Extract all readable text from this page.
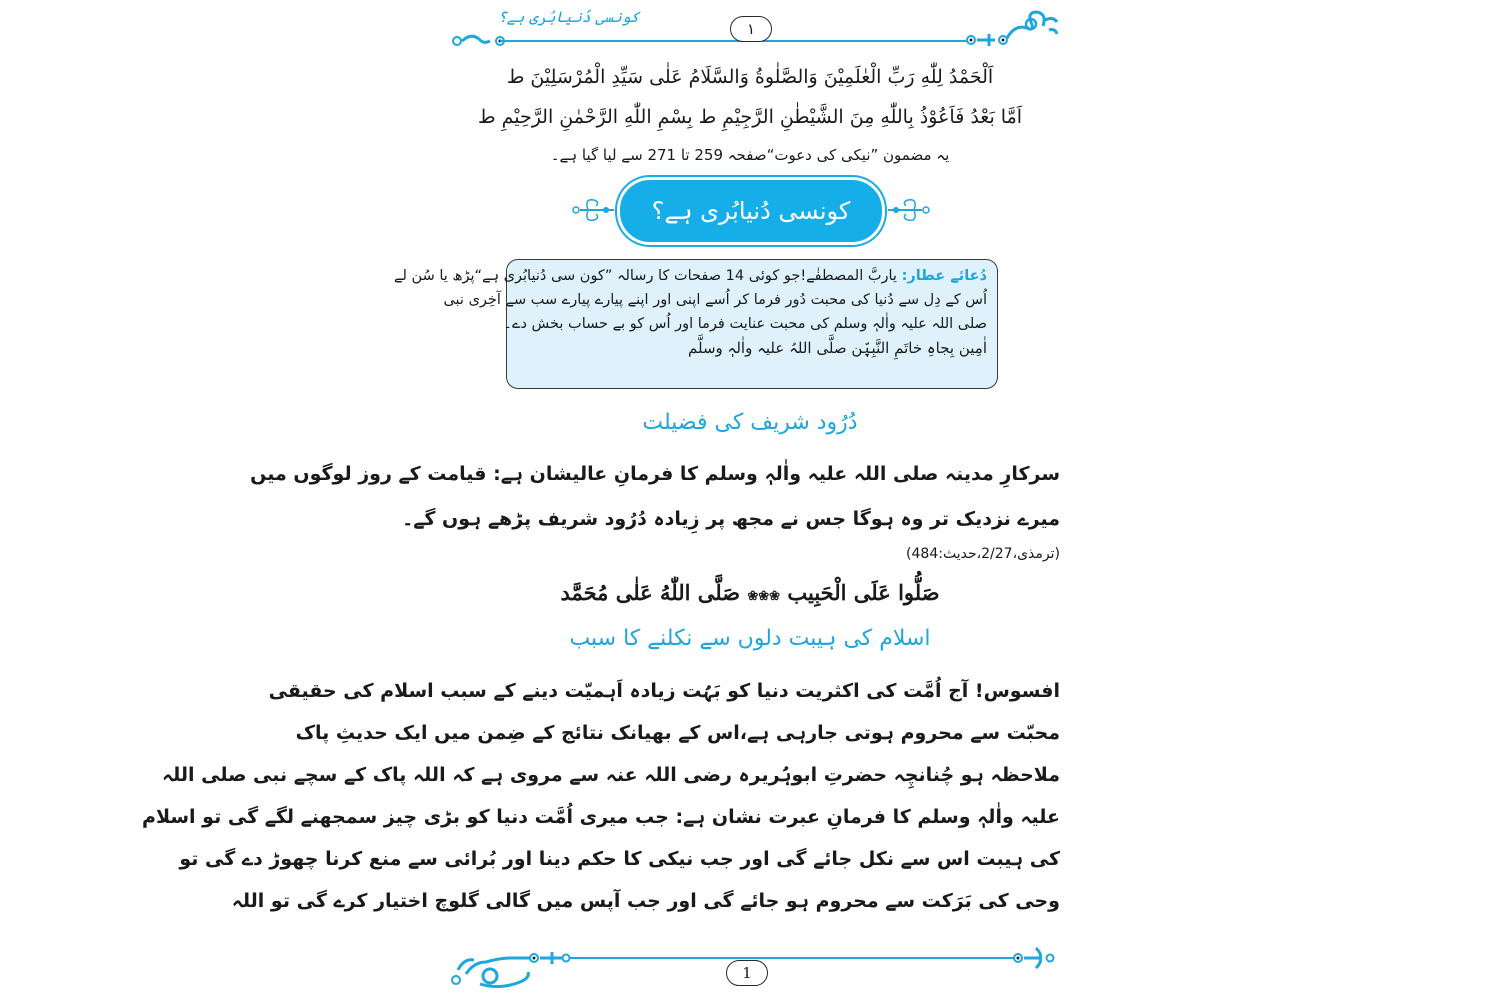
کونسی دُنیابُری ہے؟
١
اَلْحَمْدُ لِلّٰهِ رَبِّ الْعٰلَمِیْنَ وَالصَّلٰوةُ وَالسَّلَامُ عَلٰی سَیِّدِ الْمُرْسَلِیْنَ ط
اَمَّا بَعْدُ فَاَعُوْذُ بِاللّٰهِ مِنَ الشَّیْطٰنِ الرَّجِیْمِ ط بِسْمِ اللّٰهِ الرَّحْمٰنِ الرَّحِیْمِ ط
یہ مضمون ”نیکی کی دعوت“صفحہ 259 تا 271 سے لیا گیا ہے۔
کونسی دُنیابُری ہے؟
دُعائے عطار: یاربَّ المصطفٰے!جو کوئی 14 صفحات کا رسالہ ”کون سی دُنیابُری ہے“پڑھ یا سُن لے
اُس کے دِل سے دُنیا کی محبت دُور فرما کر اُسے اپنی اور اپنے پیارے پیارے سب سے آخِری نبی
صلی اللہ علیہ واٰلہٖ وسلم کی محبت عنایت فرما اور اُس کو بے حساب بخش دے۔
اٰمِین بِجاہِ خاتَمِ النَّبِیّٖن صلَّی اللہُ علیہ واٰلہٖ وسلَّم
دُرُود شریف کی فضیلت
سرکارِ مدینہ صلی اللہ علیہ واٰلہٖ وسلم کا فرمانِ عالیشان ہے: قیامت کے روز لوگوں میں
میرے نزدیک تر وہ ہوگا جس نے مجھ پر زِیادہ دُرُود شریف پڑھے ہوں گے۔
(ترمذی،2/27،حدیث:484)
صَلُّوا عَلَی الْحَبِیب ❀❀❀ صَلَّی اللّٰهُ عَلٰی مُحَمَّد
اسلام کی ہیبت دلوں سے نکلنے کا سبب
افسوس! آج اُمَّت کی اکثریت دنیا کو بَہُت زیادہ اَہمیّت دینے کے سبب اسلام کی حقیقی
محبّت سے محروم ہوتی جارہی ہے،اس کے بھیانک نتائج کے ضِمن میں ایک حدیثِ پاک
ملاحظہ ہو چُنانچِہ حضرتِ ابوہُریرہ رضی اللہ عنہ سے مروی ہے کہ اللہ پاک کے سچے نبی صلی اللہ
علیہ واٰلہٖ وسلم کا فرمانِ عبرت نشان ہے: جب میری اُمَّت دنیا کو بڑی چیز سمجھنے لگے گی تو اسلام
کی ہیبت اس سے نکل جائے گی اور جب نیکی کا حکم دینا اور بُرائی سے منع کرنا چھوڑ دے گی تو
وحی کی بَرَکت سے محروم ہو جائے گی اور جب آپس میں گالی گلوچ اختیار کرے گی تو اللہ
1
